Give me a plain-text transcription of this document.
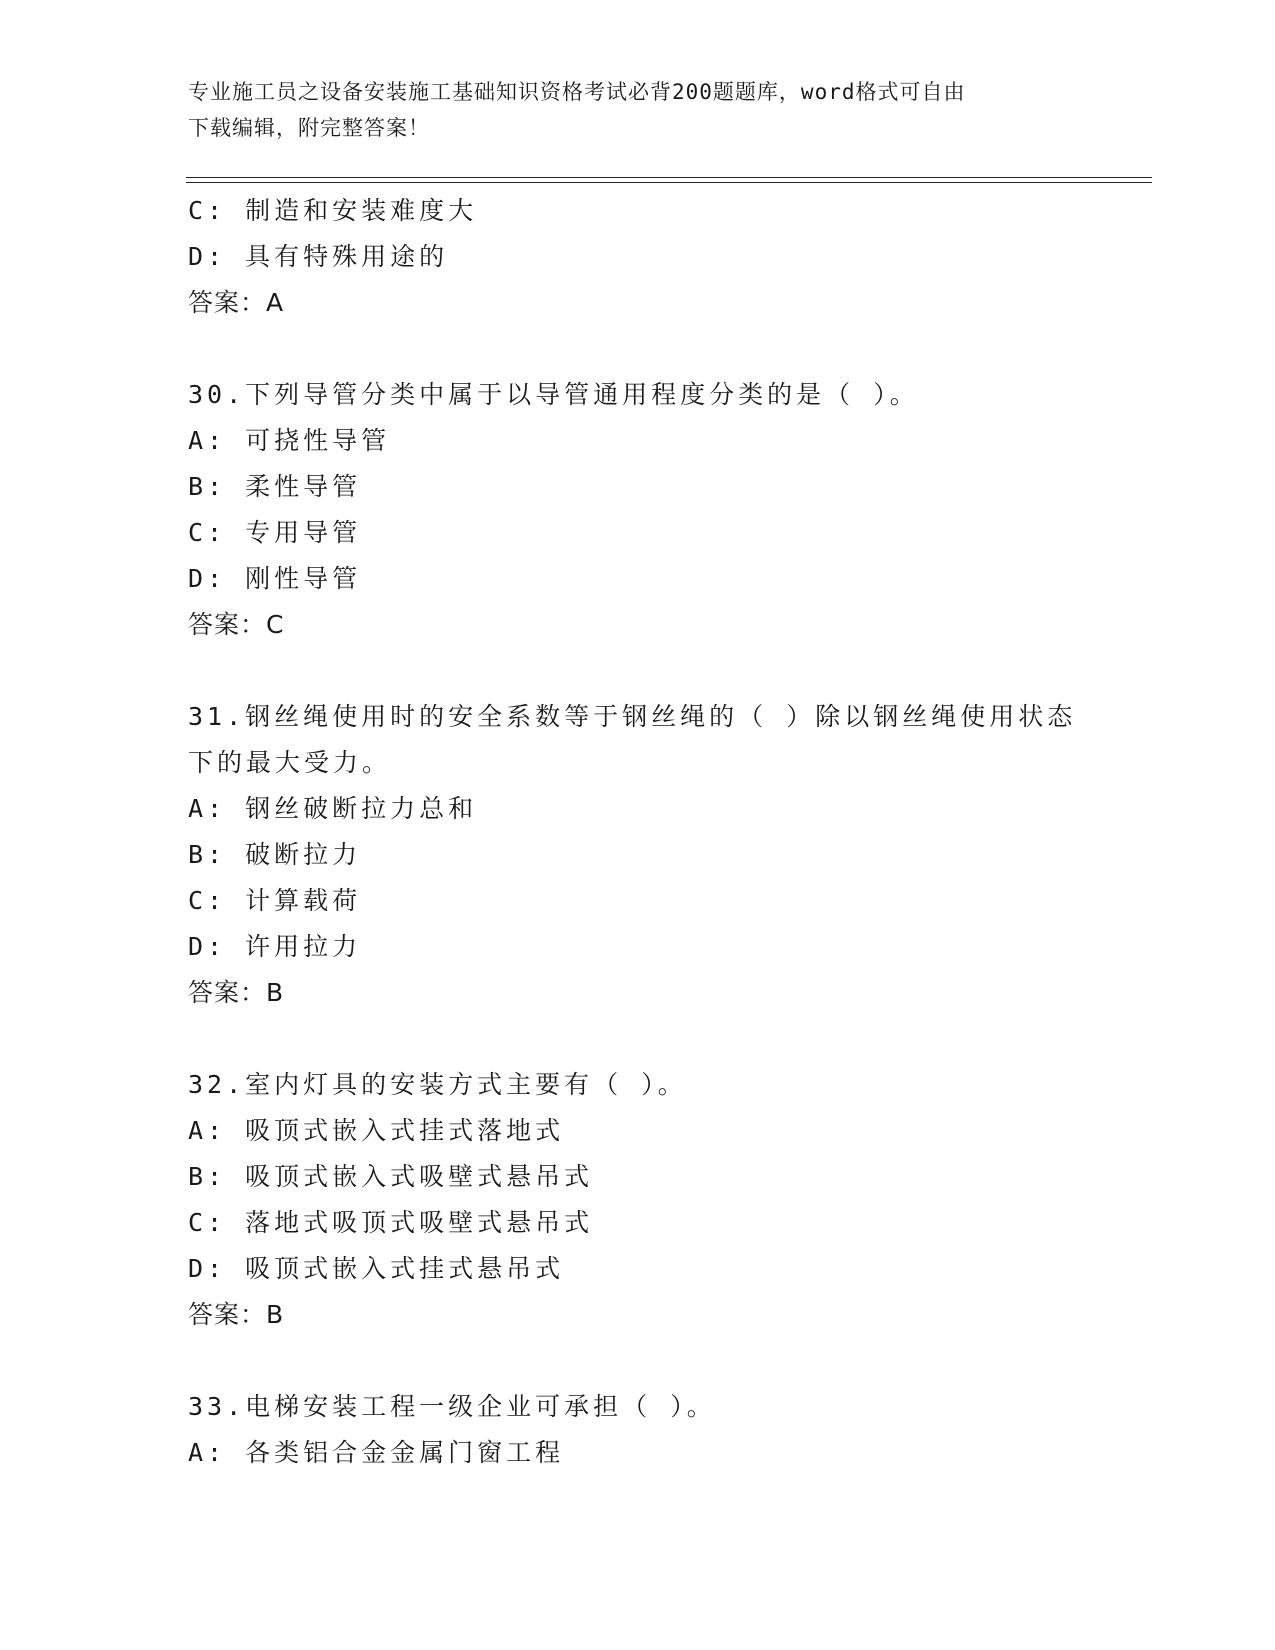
专业施工员之设备安装施工基础知识资格考试必背200题题库，word格式可自由
下载编辑，附完整答案！
C: 制造和安装难度大
D: 具有特殊用途的
答案：A
30.下列导管分类中属于以导管通用程度分类的是（ ）。
A: 可挠性导管
B: 柔性导管
C: 专用导管
D: 刚性导管
答案：C
31.钢丝绳使用时的安全系数等于钢丝绳的（ ）除以钢丝绳使用状态
下的最大受力。
A: 钢丝破断拉力总和
B: 破断拉力
C: 计算载荷
D: 许用拉力
答案：B
32.室内灯具的安装方式主要有（ ）。
A: 吸顶式嵌入式挂式落地式
B: 吸顶式嵌入式吸壁式悬吊式
C: 落地式吸顶式吸壁式悬吊式
D: 吸顶式嵌入式挂式悬吊式
答案：B
33.电梯安装工程一级企业可承担（ ）。
A: 各类铝合金金属门窗工程
